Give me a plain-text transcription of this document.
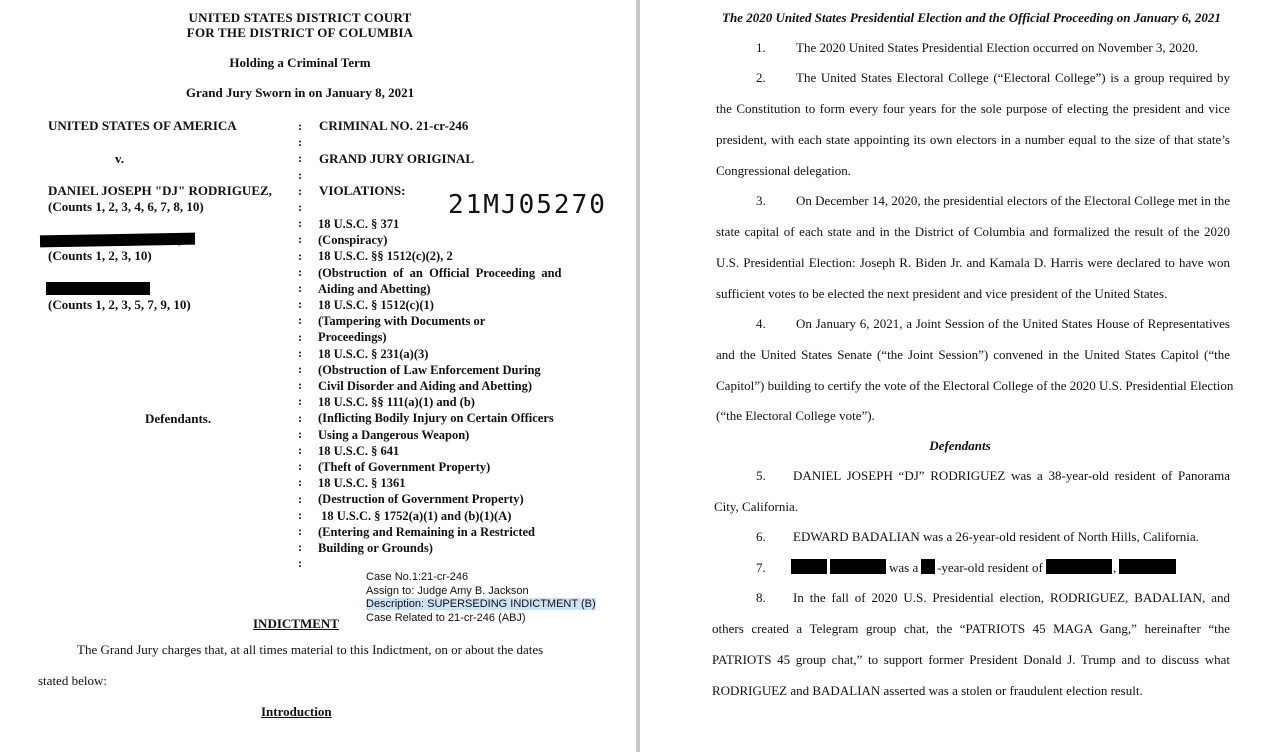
UNITED STATES DISTRICT COURT
FOR THE DISTRICT OF COLUMBIA
Holding a Criminal Term
Grand Jury Sworn in on January 8, 2021
UNITED STATES OF AMERICA
v.
DANIEL JOSEPH "DJ" RODRIGUEZ,
(Counts 1, 2, 3, 4, 6, 7, 8, 10)
(Counts 1, 2, 3, 10)
(Counts 1, 2, 3, 5, 7, 9, 10)
Defendants.
:
:
:
:
:
:
:
:
:
:
:
:
:
:
:
:
:
:
:
:
:
:
:
:
:
:
:
:
CRIMINAL NO. 21-cr-246
GRAND JURY ORIGINAL
VIOLATIONS: 21MJ05270
18 U.S.C. § 371
(Conspiracy)
18 U.S.C. §§ 1512(c)(2), 2
(Obstruction  of  an  Official  Proceeding  and
Aiding and Abetting)
18 U.S.C. § 1512(c)(1)
(Tampering with Documents or
Proceedings)
18 U.S.C. § 231(a)(3)
(Obstruction of Law Enforcement During
Civil Disorder and Aiding and Abetting)
18 U.S.C. §§ 111(a)(1) and (b)
(Inflicting Bodily Injury on Certain Officers
Using a Dangerous Weapon)
18 U.S.C. § 641
(Theft of Government Property)
18 U.S.C. § 1361
(Destruction of Government Property)
18 U.S.C. § 1752(a)(1) and (b)(1)(A)
(Entering and Remaining in a Restricted
Building or Grounds)
Case No.1:21-cr-246
Assign to: Judge Amy B. Jackson
Description: SUPERSEDING INDICTMENT (B)
Case Related to 21-cr-246 (ABJ)
INDICTMENT
The Grand Jury charges that, at all times material to this Indictment, on or about the dates
stated below:
Introduction
The 2020 United States Presidential Election and the Official Proceeding on January 6, 2021
1. The 2020 United States Presidential Election occurred on November 3, 2020.
2. The United States Electoral College (“Electoral College”) is a group required by
the Constitution to form every four years for the sole purpose of electing the president and vice
president, with each state appointing its own electors in a number equal to the size of that state’s
Congressional delegation.
3. On December 14, 2020, the presidential electors of the Electoral College met in the
state capital of each state and in the District of Columbia and formalized the result of the 2020
U.S. Presidential Election: Joseph R. Biden Jr. and Kamala D. Harris were declared to have won
sufficient votes to be elected the next president and vice president of the United States.
4. On January 6, 2021, a Joint Session of the United States House of Representatives
and the United States Senate (“the Joint Session”) convened in the United States Capitol (“the
Capitol”) building to certify the vote of the Electoral College of the 2020 U.S. Presidential Election
(“the Electoral College vote”).
Defendants
5. DANIEL JOSEPH “DJ” RODRIGUEZ was a 38-year-old resident of Panorama
City, California.
6. EDWARD BADALIAN was a 26-year-old resident of North Hills, California.
7.	was a -year-old resident of	,
8. In the fall of 2020 U.S. Presidential election, RODRIGUEZ, BADALIAN, and
others created a Telegram group chat, the “PATRIOTS 45 MAGA Gang,” hereinafter “the
PATRIOTS 45 group chat,” to support former President Donald J. Trump and to discuss what
RODRIGUEZ and BADALIAN asserted was a stolen or fraudulent election result.
